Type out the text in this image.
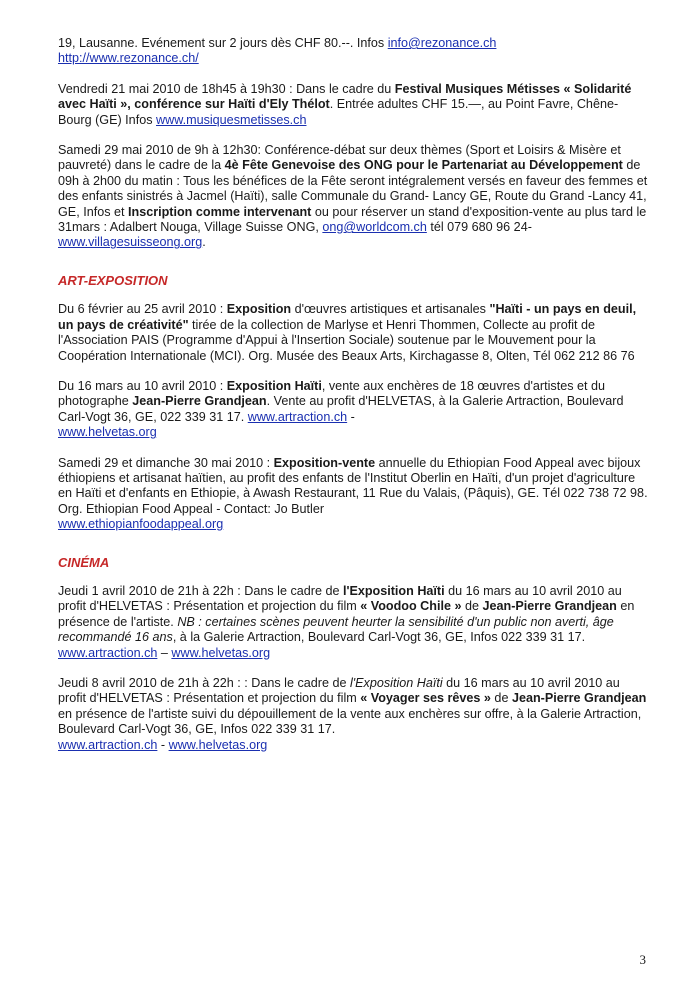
19, Lausanne. Evénement sur 2 jours dès CHF 80.--. Infos info@rezonance.ch
http://www.rezonance.ch/

Vendredi 21 mai 2010 de 18h45 à 19h30 : Dans le cadre du Festival Musiques Métisses « Solidarité avec Haïti », conférence sur Haïti d'Ely Thélot. Entrée adultes CHF 15.—, au Point Favre, Chêne-Bourg (GE) Infos www.musiquesmetisses.ch

Samedi 29 mai 2010 de 9h à 12h30: Conférence-débat sur deux thèmes (Sport et Loisirs & Misère et pauvreté) dans le cadre de la 4è Fête Genevoise des ONG pour le Partenariat au Développement de 09h à 2h00 du matin : Tous les bénéfices de la Fête seront intégralement versés en faveur des femmes et des enfants sinistrés à Jacmel (Haïti), salle Communale du Grand- Lancy GE, Route du Grand -Lancy 41, GE, Infos et Inscription comme intervenant ou pour réserver un stand d'exposition-vente au plus tard le 31mars : Adalbert Nouga, Village Suisse ONG, ong@worldcom.ch tél 079 680 96 24-
www.villagesuisseong.org.

ART-EXPOSITION

Du 6 février au 25 avril 2010 : Exposition d'œuvres artistiques et artisanales "Haïti - un pays en deuil, un pays de créativité" tirée de la collection de Marlyse et Henri Thommen, Collecte au profit de l'Association PAIS (Programme d'Appui à l'Insertion Sociale) soutenue par le Mouvement pour la Coopération Internationale (MCI). Org. Musée des Beaux Arts, Kirchagasse 8, Olten, Tél 062 212 86 76

Du 16 mars au 10 avril 2010 : Exposition Haïti, vente aux enchères de 18 œuvres d'artistes et du photographe Jean-Pierre Grandjean. Vente au profit d'HELVETAS, à la Galerie Artraction, Boulevard Carl-Vogt 36, GE, 022 339 31 17. www.artraction.ch -
www.helvetas.org

Samedi 29 et dimanche 30 mai 2010 : Exposition-vente annuelle du Ethiopian Food Appeal avec bijoux éthiopiens et artisanat haïtien, au profit des enfants de l'Institut Oberlin en Haïti, d'un projet d'agriculture en Haïti et d'enfants en Ethiopie, à Awash Restaurant, 11 Rue du Valais, (Pâquis), GE. Tél 022 738 72 98. Org. Ethiopian Food Appeal - Contact: Jo Butler
www.ethiopianfoodappeal.org

CINÉMA

Jeudi 1 avril 2010 de 21h à 22h : Dans le cadre de l'Exposition Haïti du 16 mars au 10 avril 2010 au profit d'HELVETAS : Présentation et projection du film « Voodoo Chile » de Jean-Pierre Grandjean en présence de l'artiste. NB : certaines scènes peuvent heurter la sensibilité d'un public non averti, âge recommandé 16 ans, à la Galerie Artraction, Boulevard Carl-Vogt 36, GE, Infos 022 339 31 17. www.artraction.ch – www.helvetas.org

Jeudi 8 avril 2010 de 21h à 22h : : Dans le cadre de l'Exposition Haïti du 16 mars au 10 avril 2010 au profit d'HELVETAS : Présentation et projection du film « Voyager ses rêves » de Jean-Pierre Grandjean en présence de l'artiste suivi du dépouillement de la vente aux enchères sur offre, à la Galerie Artraction, Boulevard Carl-Vogt 36, GE, Infos 022 339 31 17.
www.artraction.ch - www.helvetas.org

3
